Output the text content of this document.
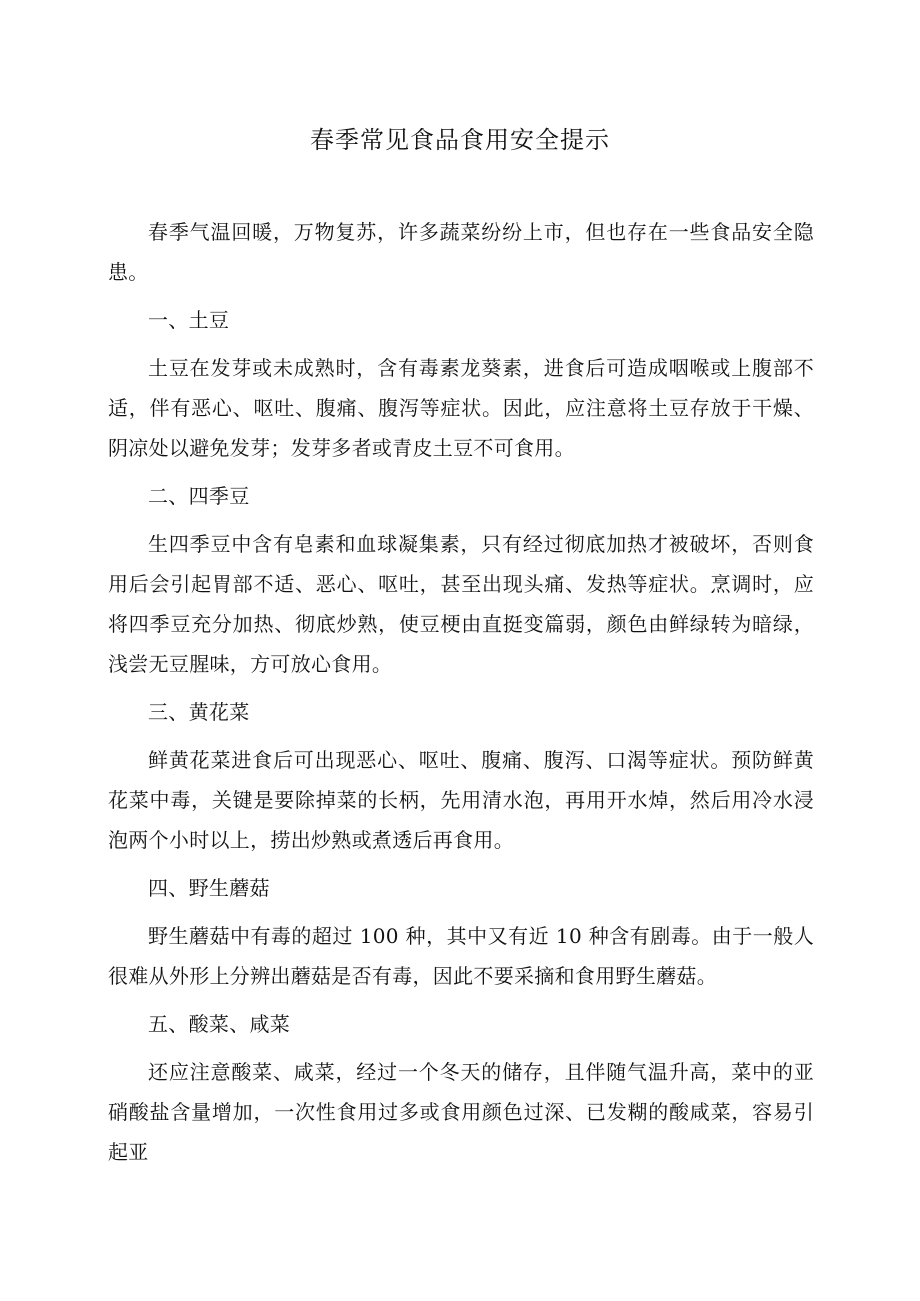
春季常见食品食用安全提示

春季气温回暖，万物复苏，许多蔬菜纷纷上市，但也存在一些食品安全隐患。

一、土豆

土豆在发芽或未成熟时，含有毒素龙葵素，进食后可造成咽喉或上腹部不适，伴有恶心、呕吐、腹痛、腹泻等症状。因此，应注意将土豆存放于干燥、阴凉处以避免发芽；发芽多者或青皮土豆不可食用。

二、四季豆

生四季豆中含有皂素和血球凝集素，只有经过彻底加热才被破坏，否则食用后会引起胃部不适、恶心、呕吐，甚至出现头痛、发热等症状。烹调时，应将四季豆充分加热、彻底炒熟，使豆梗由直挺变篇弱，颜色由鲜绿转为暗绿，浅尝无豆腥味，方可放心食用。

三、黄花菜

鲜黄花菜进食后可出现恶心、呕吐、腹痛、腹泻、口渴等症状。预防鲜黄花菜中毒，关键是要除掉菜的长柄，先用清水泡，再用开水焯，然后用冷水浸泡两个小时以上，捞出炒熟或煮透后再食用。

四、野生蘑菇

野生蘑菇中有毒的超过 100 种，其中又有近 10 种含有剧毒。由于一般人很难从外形上分辨出蘑菇是否有毒，因此不要采摘和食用野生蘑菇。

五、酸菜、咸菜

还应注意酸菜、咸菜，经过一个冬天的储存，且伴随气温升高，菜中的亚硝酸盐含量增加，一次性食用过多或食用颜色过深、已发糊的酸咸菜，容易引起亚
